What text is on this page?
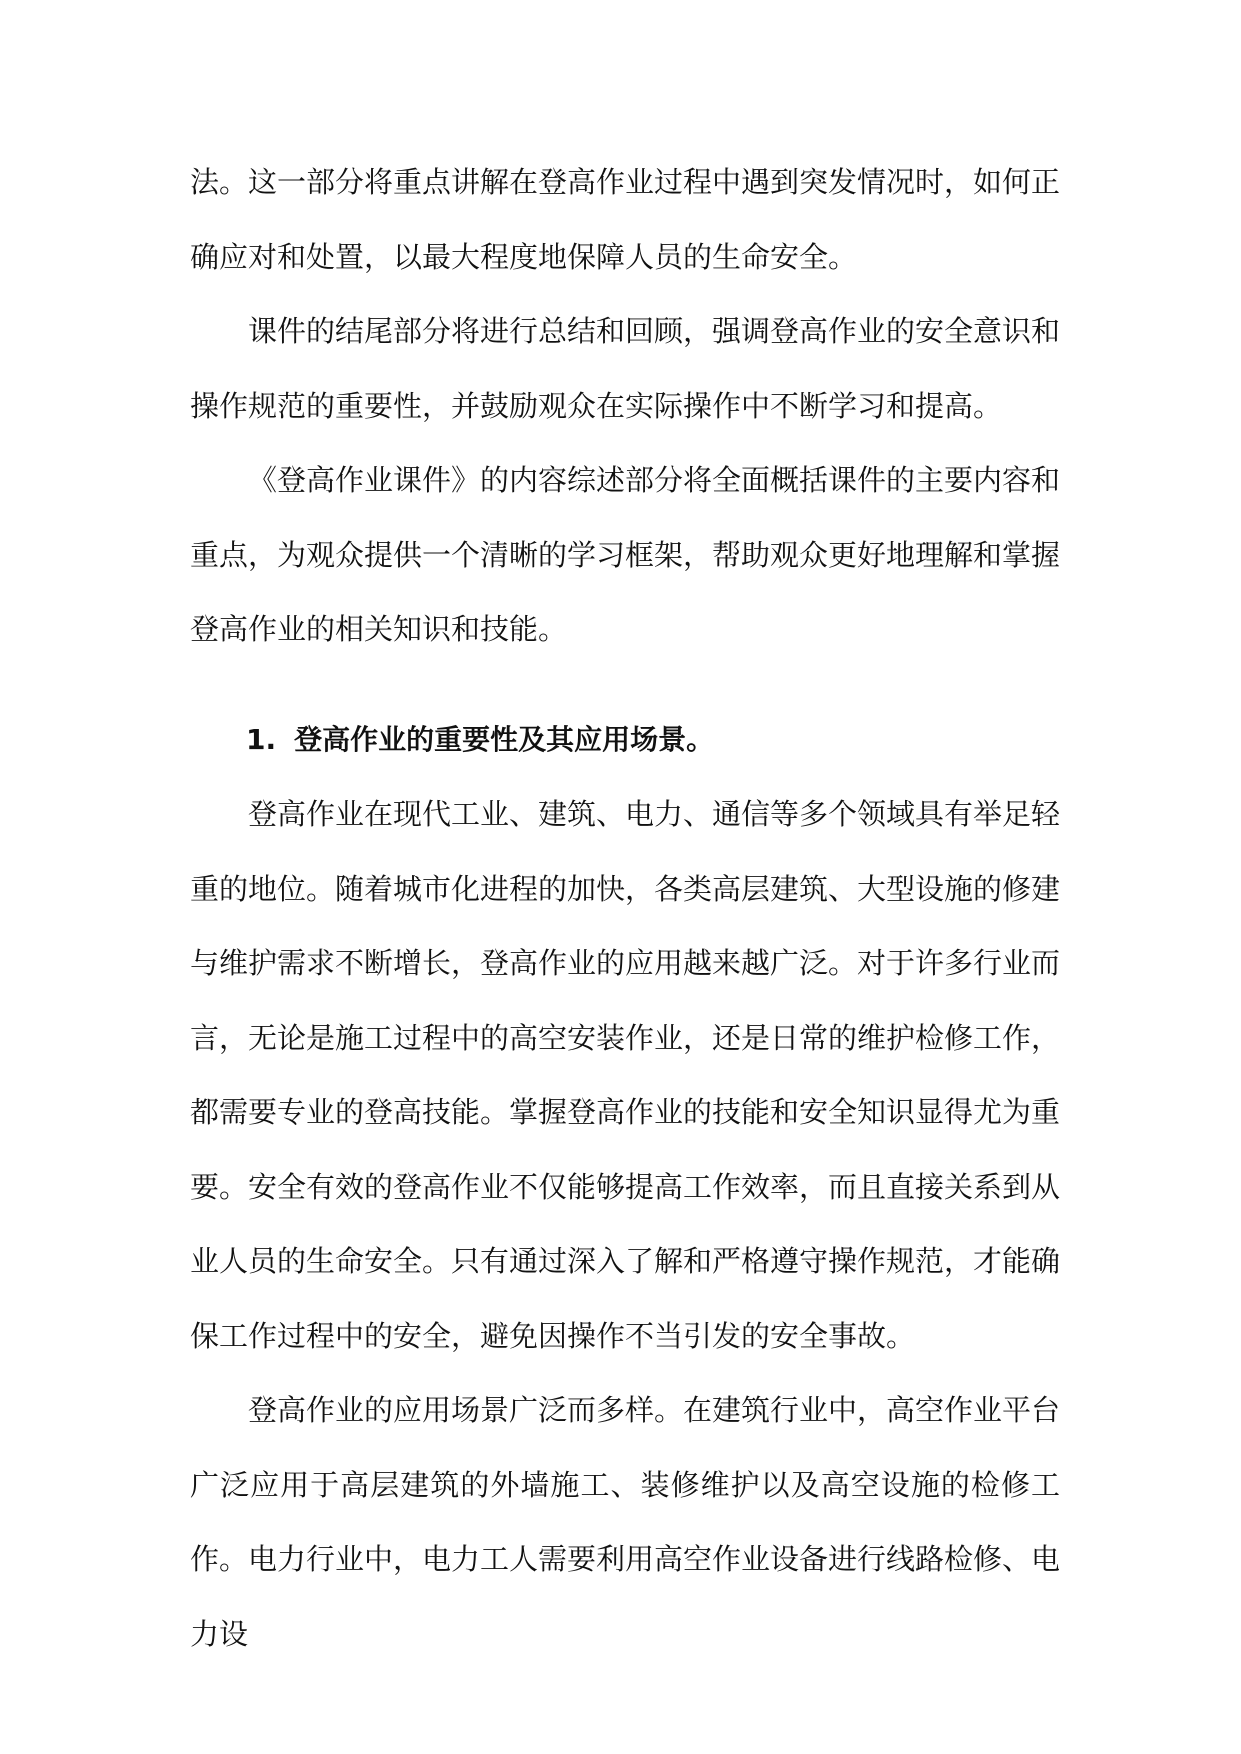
法。这一部分将重点讲解在登高作业过程中遇到突发情况时，如何正确应对和处置，以最大程度地保障人员的生命安全。

课件的结尾部分将进行总结和回顾，强调登高作业的安全意识和操作规范的重要性，并鼓励观众在实际操作中不断学习和提高。

《登高作业课件》的内容综述部分将全面概括课件的主要内容和重点，为观众提供一个清晰的学习框架，帮助观众更好地理解和掌握登高作业的相关知识和技能。

1. 登高作业的重要性及其应用场景。

登高作业在现代工业、建筑、电力、通信等多个领域具有举足轻重的地位。随着城市化进程的加快，各类高层建筑、大型设施的修建与维护需求不断增长，登高作业的应用越来越广泛。对于许多行业而言，无论是施工过程中的高空安装作业，还是日常的维护检修工作，都需要专业的登高技能。掌握登高作业的技能和安全知识显得尤为重要。安全有效的登高作业不仅能够提高工作效率，而且直接关系到从业人员的生命安全。只有通过深入了解和严格遵守操作规范，才能确保工作过程中的安全，避免因操作不当引发的安全事故。

登高作业的应用场景广泛而多样。在建筑行业中，高空作业平台广泛应用于高层建筑的外墙施工、装修维护以及高空设施的检修工作。电力行业中，电力工人需要利用高空作业设备进行线路检修、电力设
